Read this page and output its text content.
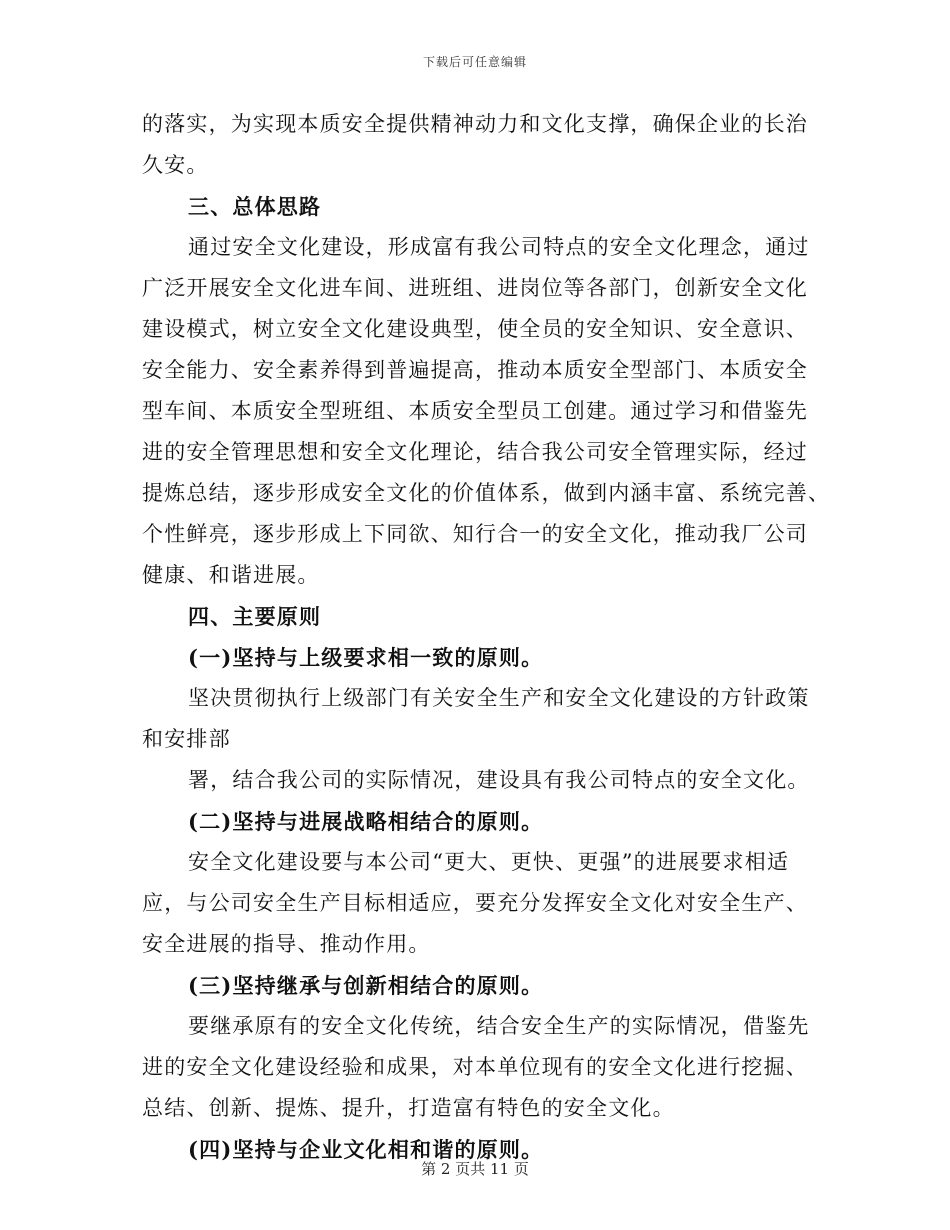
下载后可任意编辑
的落实，为实现本质安全提供精神动力和文化支撑，确保企业的长治
久安。
三、总体思路
通过安全文化建设，形成富有我公司特点的安全文化理念，通过
广泛开展安全文化进车间、进班组、进岗位等各部门，创新安全文化
建设模式，树立安全文化建设典型，使全员的安全知识、安全意识、
安全能力、安全素养得到普遍提高，推动本质安全型部门、本质安全
型车间、本质安全型班组、本质安全型员工创建。通过学习和借鉴先
进的安全管理思想和安全文化理论，结合我公司安全管理实际，经过
提炼总结，逐步形成安全文化的价值体系，做到内涵丰富、系统完善、
个性鲜亮，逐步形成上下同欲、知行合一的安全文化，推动我厂公司
健康、和谐进展。
四、主要原则
(一)坚持与上级要求相一致的原则。
坚决贯彻执行上级部门有关安全生产和安全文化建设的方针政策
和安排部
署，结合我公司的实际情况，建设具有我公司特点的安全文化。
(二)坚持与进展战略相结合的原则。
安全文化建设要与本公司“更大、更快、更强”的进展要求相适
应，与公司安全生产目标相适应，要充分发挥安全文化对安全生产、
安全进展的指导、推动作用。
(三)坚持继承与创新相结合的原则。
要继承原有的安全文化传统，结合安全生产的实际情况，借鉴先
进的安全文化建设经验和成果，对本单位现有的安全文化进行挖掘、
总结、创新、提炼、提升，打造富有特色的安全文化。
(四)坚持与企业文化相和谐的原则。
第 2 页共 11 页
